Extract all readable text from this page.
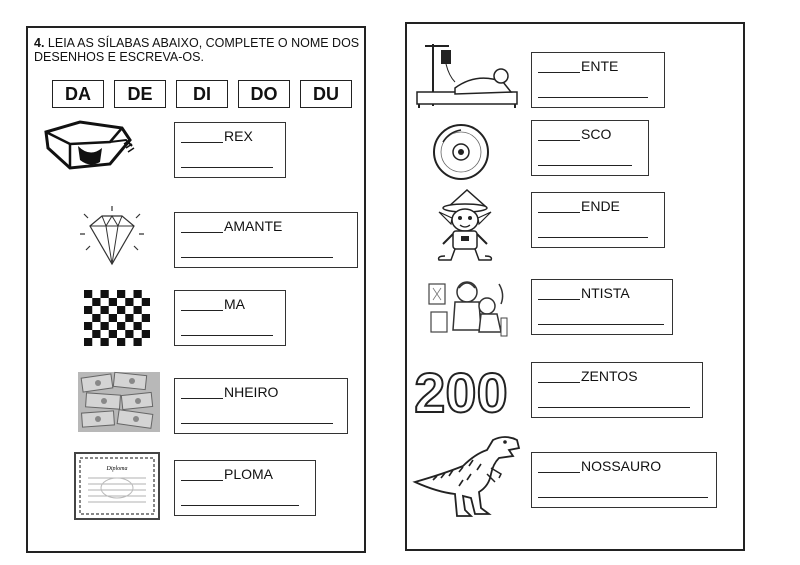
4. LEIA AS SÍLABAS ABAIXO, COMPLETE O NOME DOS DESENHOS E ESCREVA-OS.
DA	DE	DI	DO	DU
REX
AMANTE
MA
NHEIRO
Diploma	PLOMA
ENTE
SCO
ENDE
NTISTA
200	ZENTOS
NOSSAURO
